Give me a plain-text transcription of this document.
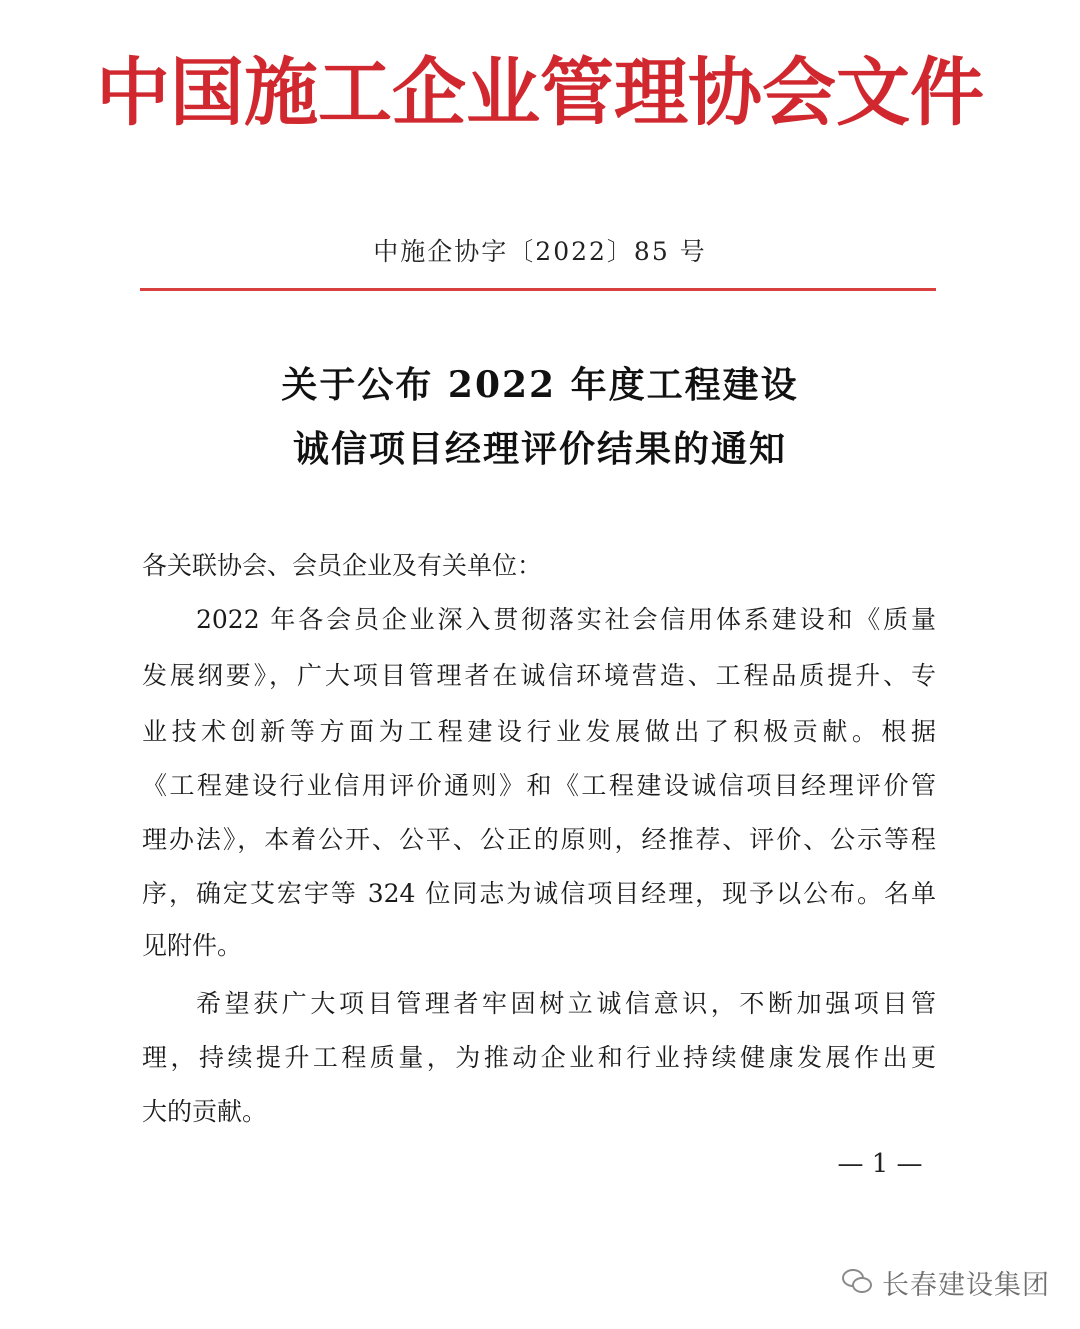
中国施工企业管理协会文件
中施企协字〔2022〕85 号
关于公布 2022 年度工程建设
诚信项目经理评价结果的通知
各关联协会、会员企业及有关单位：
2022 年各会员企业深入贯彻落实社会信用体系建设和《质量
发展纲要》，广大项目管理者在诚信环境营造、工程品质提升、专
业技术创新等方面为工程建设行业发展做出了积极贡献。根据
《工程建设行业信用评价通则》和《工程建设诚信项目经理评价管
理办法》，本着公开、公平、公正的原则，经推荐、评价、公示等程
序，确定艾宏宇等 324 位同志为诚信项目经理，现予以公布。名单
见附件。
希望获广大项目管理者牢固树立诚信意识，不断加强项目管
理，持续提升工程质量，为推动企业和行业持续健康发展作出更
大的贡献。
— 1 —
长春建设集团
